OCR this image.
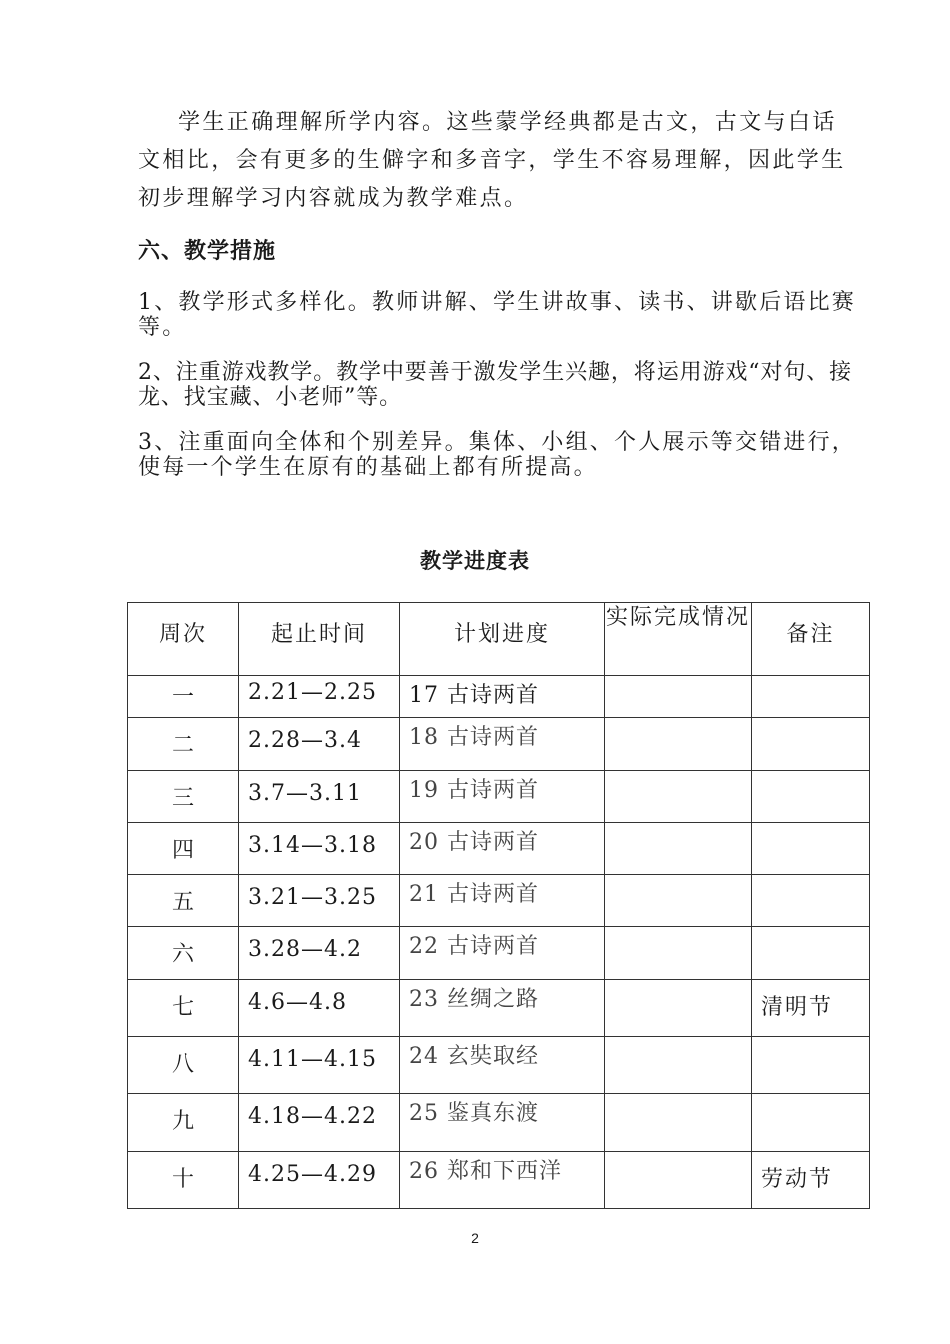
学生正确理解所学内容。这些蒙学经典都是古文，古文与白话文相比，会有更多的生僻字和多音字，学生不容易理解，因此学生初步理解学习内容就成为教学难点。

六、教学措施

1、教学形式多样化。教师讲解、学生讲故事、读书、讲歇后语比赛等。

2、注重游戏教学。教学中要善于激发学生兴趣，将运用游戏“对句、接龙、找宝藏、小老师”等。

3、注重面向全体和个别差异。集体、小组、个人展示等交错进行，使每一个学生在原有的基础上都有所提高。

教学进度表
周次	起止时间	计划进度	实际完成情况	备注
一	2.21—2.25	17 古诗两首		
二	2.28—3.4	18 古诗两首		
三	3.7—3.11	19 古诗两首		
四	3.14—3.18	20 古诗两首		
五	3.21—3.25	21 古诗两首		
六	3.28—4.2	22 古诗两首		
七	4.6—4.8	23 丝绸之路		清明节
八	4.11—4.15	24 玄奘取经		
九	4.18—4.22	25 鉴真东渡		
十	4.25—4.29	26 郑和下西洋		劳动节
2
